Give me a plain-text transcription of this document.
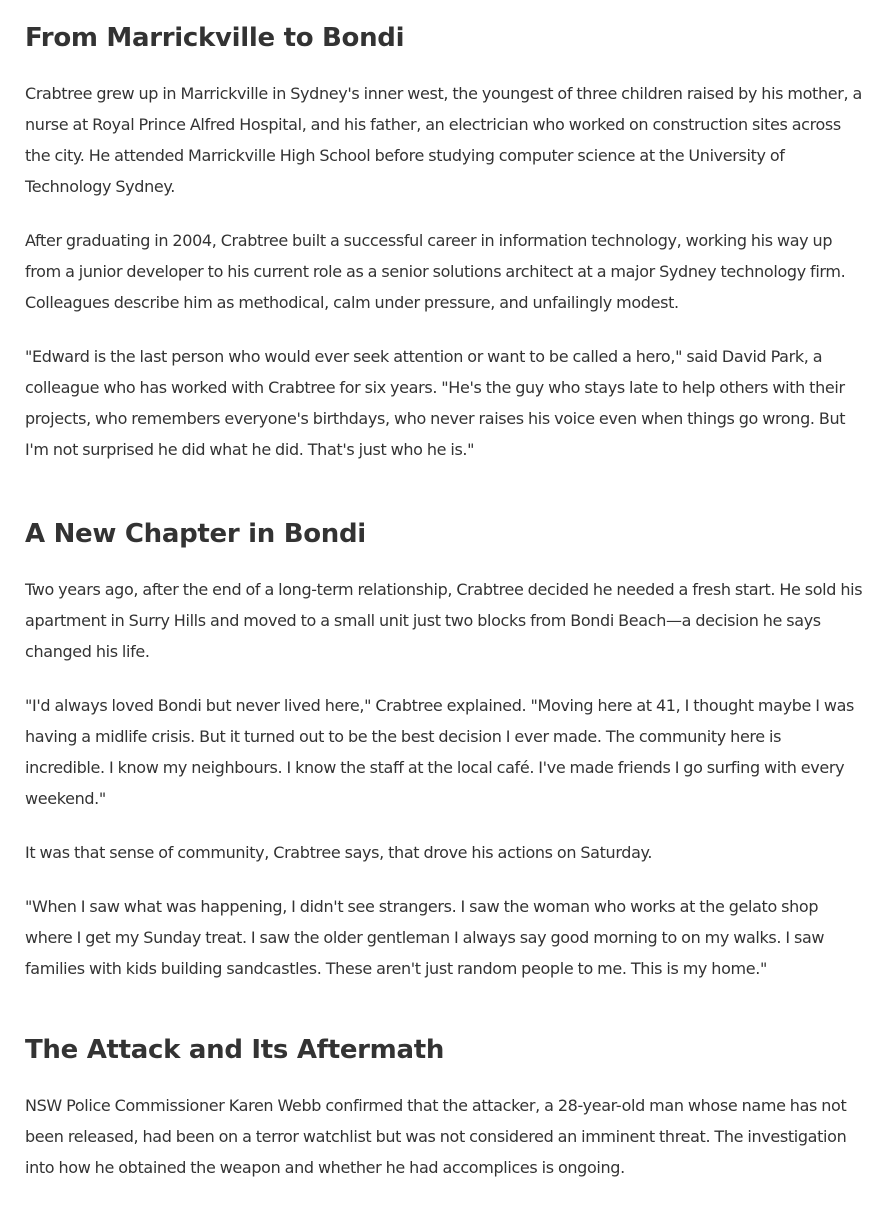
From Marrickville to Bondi

Crabtree grew up in Marrickville in Sydney's inner west, the youngest of three children raised by his mother, a nurse at Royal Prince Alfred Hospital, and his father, an electrician who worked on construction sites across the city. He attended Marrickville High School before studying computer science at the University of Technology Sydney.

After graduating in 2004, Crabtree built a successful career in information technology, working his way up from a junior developer to his current role as a senior solutions architect at a major Sydney technology firm. Colleagues describe him as methodical, calm under pressure, and unfailingly modest.

"Edward is the last person who would ever seek attention or want to be called a hero," said David Park, a colleague who has worked with Crabtree for six years. "He's the guy who stays late to help others with their projects, who remembers everyone's birthdays, who never raises his voice even when things go wrong. But I'm not surprised he did what he did. That's just who he is."

A New Chapter in Bondi

Two years ago, after the end of a long-term relationship, Crabtree decided he needed a fresh start. He sold his apartment in Surry Hills and moved to a small unit just two blocks from Bondi Beach—a decision he says changed his life.

"I'd always loved Bondi but never lived here," Crabtree explained. "Moving here at 41, I thought maybe I was having a midlife crisis. But it turned out to be the best decision I ever made. The community here is incredible. I know my neighbours. I know the staff at the local café. I've made friends I go surfing with every weekend."

It was that sense of community, Crabtree says, that drove his actions on Saturday.

"When I saw what was happening, I didn't see strangers. I saw the woman who works at the gelato shop where I get my Sunday treat. I saw the older gentleman I always say good morning to on my walks. I saw families with kids building sandcastles. These aren't just random people to me. This is my home."

The Attack and Its Aftermath

NSW Police Commissioner Karen Webb confirmed that the attacker, a 28-year-old man whose name has not been released, had been on a terror watchlist but was not considered an imminent threat. The investigation into how he obtained the weapon and whether he had accomplices is ongoing.
